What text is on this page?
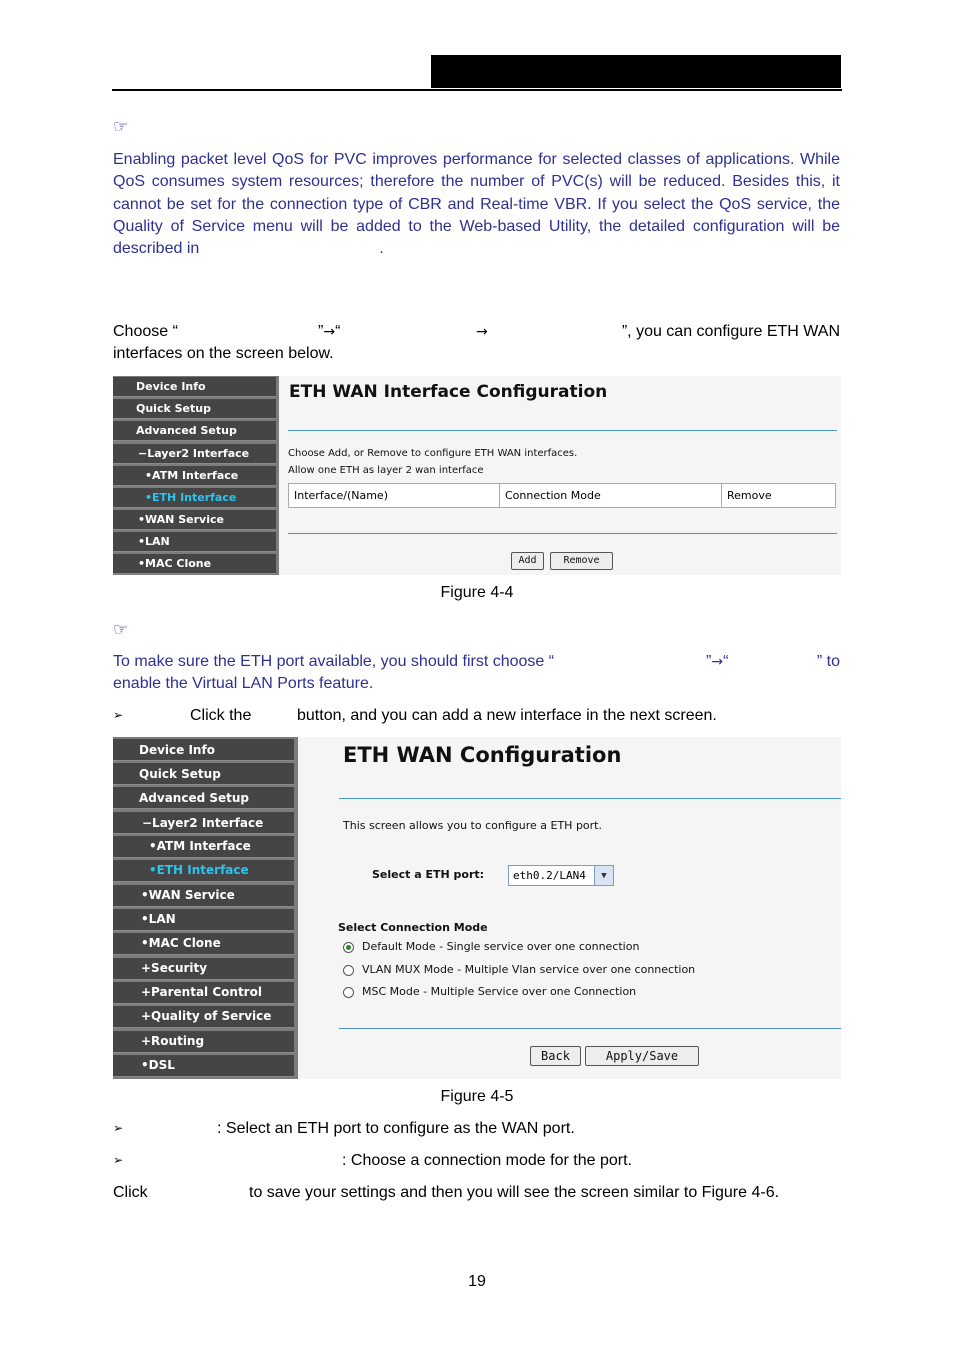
☞
Enabling packet level QoS for PVC improves performance for selected classes of applications. While QoS consumes system resources; therefore the number of PVC(s) will be reduced. Besides this, it cannot be set for the connection type of CBR and Real-time VBR. If you select the QoS service, the Quality of Service menu will be added to the Web-based Utility, the detailed configuration will be described in	.
Choose “	”→“	→	”, you can configure ETH WAN
interfaces on the screen below.
Device Info
Quick Setup
Advanced Setup
−Layer2 Interface
•ATM Interface
•ETH Interface
•WAN Service
•LAN
•MAC Clone
ETH WAN Interface Configuration
Choose Add, or Remove to configure ETH WAN interfaces.
Allow one ETH as layer 2 wan interface
Interface/(Name)	Connection Mode	Remove
Add	Remove
Figure 4-4
☞
To make sure the ETH port available, you should first choose “	”→“	” to
enable the Virtual LAN Ports feature.
➢	Click the	button, and you can add a new interface in the next screen.
Device Info
Quick Setup
Advanced Setup
−Layer2 Interface
•ATM Interface
•ETH Interface
•WAN Service
•LAN
•MAC Clone
+Security
+Parental Control
+Quality of Service
+Routing
•DSL
ETH WAN Configuration
This screen allows you to configure a ETH port.
Select a ETH port:	eth0.2/LAN4	▼
Select Connection Mode
Default Mode - Single service over one connection
VLAN MUX Mode - Multiple Vlan service over one connection
MSC Mode - Multiple Service over one Connection
Back	Apply/Save
Figure 4-5
➢	: Select an ETH port to configure as the WAN port.
➢	: Choose a connection mode for the port.
Click	to save your settings and then you will see the screen similar to Figure 4-6.
19
